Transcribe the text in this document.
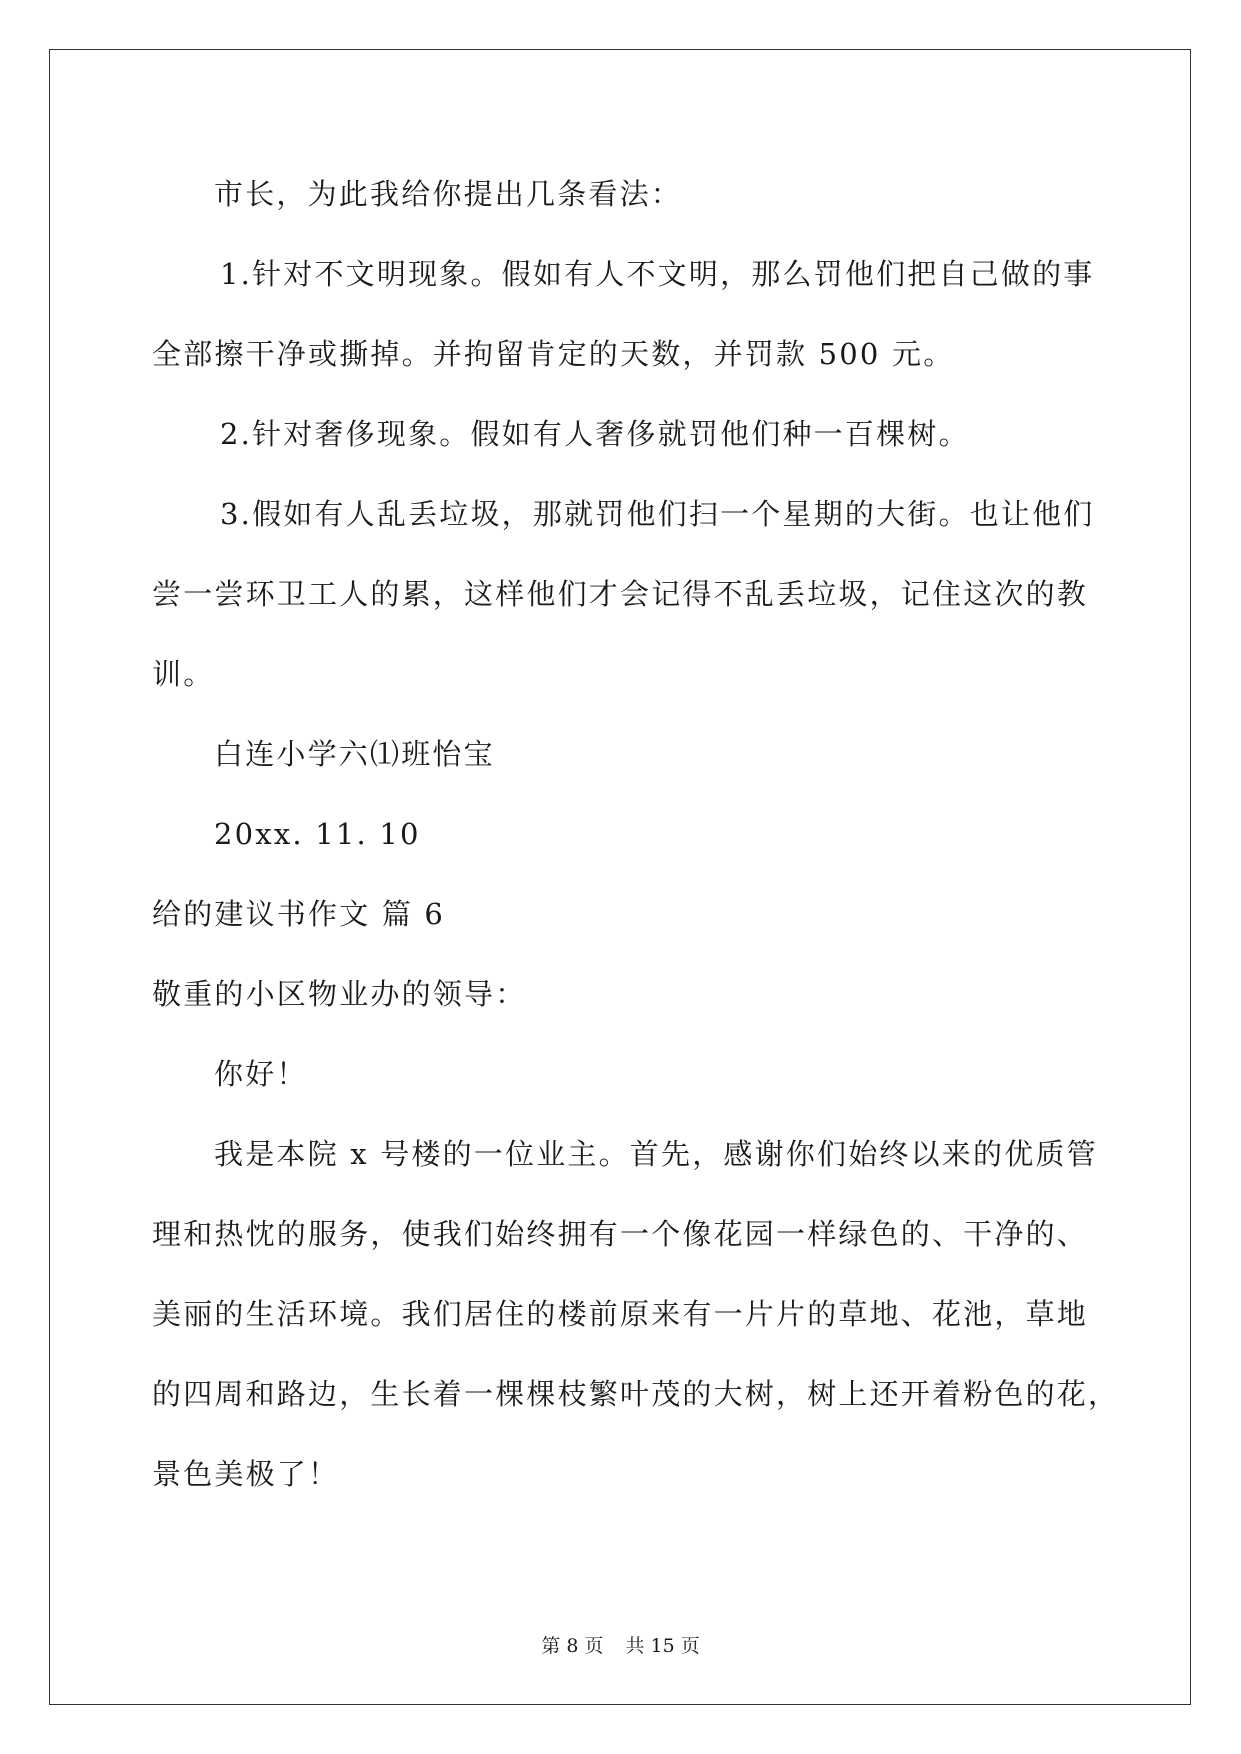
市长，为此我给你提出几条看法：
1.针对不文明现象。假如有人不文明，那么罚他们把自己做的事
全部擦干净或撕掉。并拘留肯定的天数，并罚款 500 元。
2.针对奢侈现象。假如有人奢侈就罚他们种一百棵树。
3.假如有人乱丢垃圾，那就罚他们扫一个星期的大街。也让他们
尝一尝环卫工人的累，这样他们才会记得不乱丢垃圾，记住这次的教
训。
白连小学六⑴班怡宝
20xx. 11. 10
给的建议书作文 篇 6
敬重的小区物业办的领导：
你好！
我是本院 x 号楼的一位业主。首先，感谢你们始终以来的优质管
理和热忱的服务，使我们始终拥有一个像花园一样绿色的、干净的、
美丽的生活环境。我们居住的楼前原来有一片片的草地、花池，草地
的四周和路边，生长着一棵棵枝繁叶茂的大树，树上还开着粉色的花，
景色美极了！
第 8 页 共 15 页
